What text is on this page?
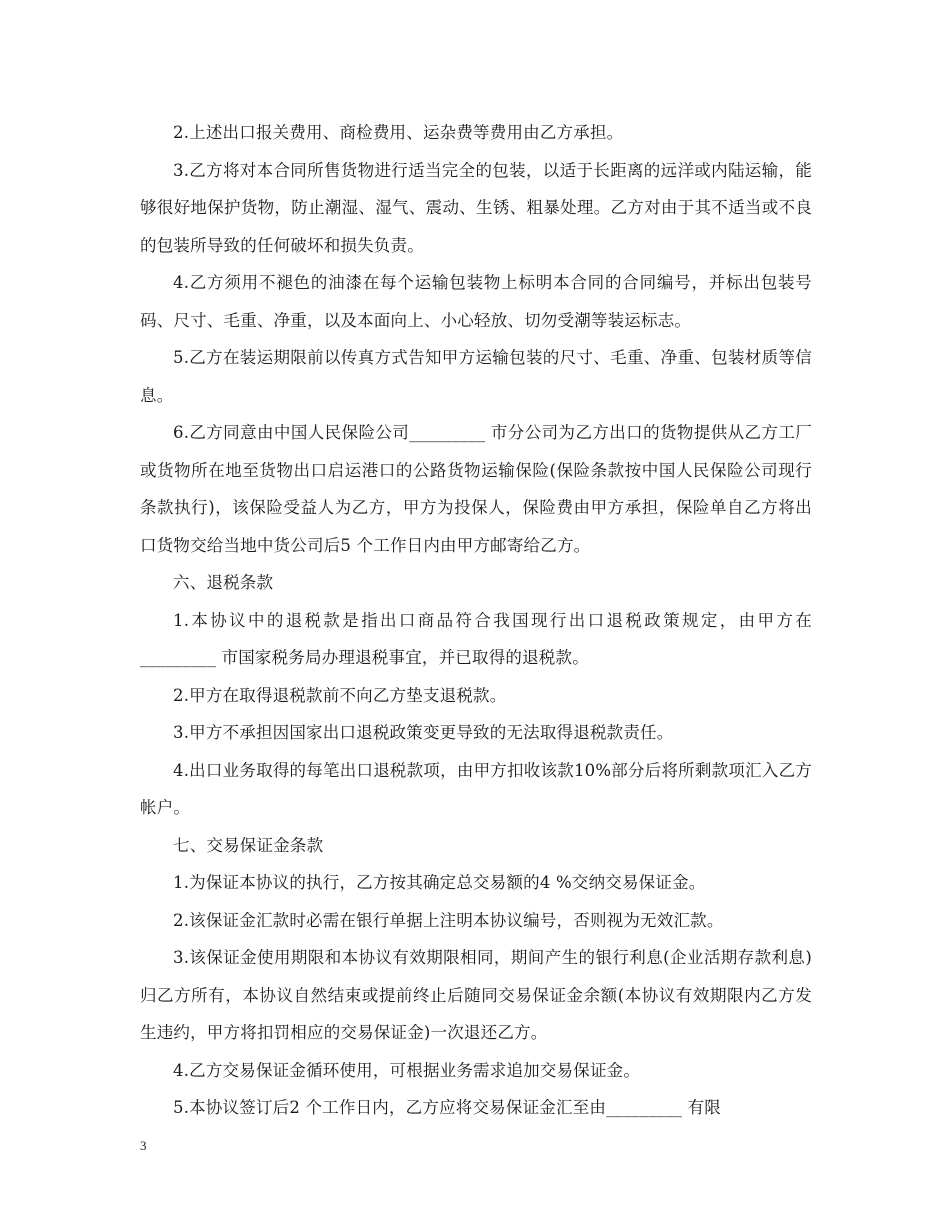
2.上述出口报关费用、商检费用、运杂费等费用由乙方承担。

3.乙方将对本合同所售货物进行适当完全的包装，以适于长距离的远洋或内陆运输，能够很好地保护货物，防止潮湿、湿气、震动、生锈、粗暴处理。乙方对由于其不适当或不良的包装所导致的任何破坏和损失负责。

4.乙方须用不褪色的油漆在每个运输包装物上标明本合同的合同编号，并标出包装号码、尺寸、毛重、净重，以及本面向上、小心轻放、切勿受潮等装运标志。

5.乙方在装运期限前以传真方式告知甲方运输包装的尺寸、毛重、净重、包装材质等信息。

6.乙方同意由中国人民保险公司_________ 市分公司为乙方出口的货物提供从乙方工厂或货物所在地至货物出口启运港口的公路货物运输保险(保险条款按中国人民保险公司现行条款执行)，该保险受益人为乙方，甲方为投保人，保险费由甲方承担，保险单自乙方将出口货物交给当地中货公司后5 个工作日内由甲方邮寄给乙方。

六、退税条款

1.本协议中的退税款是指出口商品符合我国现行出口退税政策规定，由甲方在_________ 市国家税务局办理退税事宜，并已取得的退税款。

2.甲方在取得退税款前不向乙方垫支退税款。

3.甲方不承担因国家出口退税政策变更导致的无法取得退税款责任。

4.出口业务取得的每笔出口退税款项，由甲方扣收该款10%部分后将所剩款项汇入乙方帐户。

七、交易保证金条款

1.为保证本协议的执行，乙方按其确定总交易额的4 %交纳交易保证金。

2.该保证金汇款时必需在银行单据上注明本协议编号，否则视为无效汇款。

3.该保证金使用期限和本协议有效期限相同，期间产生的银行利息(企业活期存款利息)归乙方所有，本协议自然结束或提前终止后随同交易保证金余额(本协议有效期限内乙方发生违约，甲方将扣罚相应的交易保证金)一次退还乙方。

4.乙方交易保证金循环使用，可根据业务需求追加交易保证金。

5.本协议签订后2 个工作日内，乙方应将交易保证金汇至由_________ 有限

3
